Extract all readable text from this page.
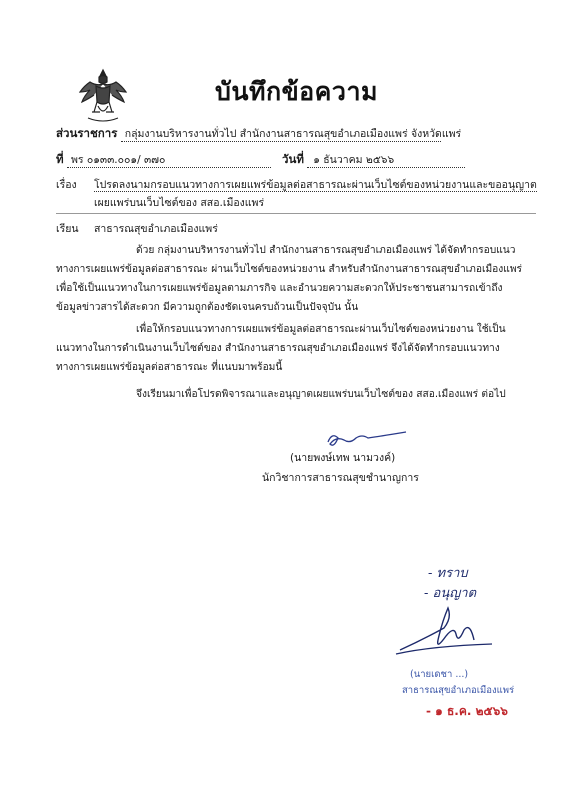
บันทึกข้อความ
ส่วนราชการ กลุ่มงานบริหารงานทั่วไป สำนักงานสาธารณสุขอำเภอเมืองแพร่ จังหวัดแพร่
ที่ พร ๐๑๓๓.๐๐๑/ ๓๗๐	วันที่ ๑ ธันวาคม ๒๕๖๖
เรื่อง โปรดลงนามกรอบแนวทางการเผยแพร่ข้อมูลต่อสาธารณะผ่านเว็บไซต์ของหน่วยงานและขออนุญาต
เผยแพร่บนเว็บไซต์ของ สสอ.เมืองแพร่
เรียน สาธารณสุขอำเภอเมืองแพร่
ด้วย กลุ่มงานบริหารงานทั่วไป สำนักงานสาธารณสุขอำเภอเมืองแพร่ ได้จัดทำกรอบแนว
ทางการเผยแพร่ข้อมูลต่อสาธารณะ ผ่านเว็บไซต์ของหน่วยงาน สำหรับสำนักงานสาธารณสุขอำเภอเมืองแพร่
เพื่อใช้เป็นแนวทางในการเผยแพร่ข้อมูลตามภารกิจ และอำนวยความสะดวกให้ประชาชนสามารถเข้าถึง
ข้อมูลข่าวสารได้สะดวก มีความถูกต้องชัดเจนครบถ้วนเป็นปัจจุบัน นั้น
เพื่อให้กรอบแนวทางการเผยแพร่ข้อมูลต่อสาธารณะผ่านเว็บไซต์ของหน่วยงาน ใช้เป็น
แนวทางในการดำเนินงานเว็บไซต์ของ สำนักงานสาธารณสุขอำเภอเมืองแพร่ จึงได้จัดทำกรอบแนวทาง
ทางการเผยแพร่ข้อมูลต่อสาธารณะ ที่แนบมาพร้อมนี้
จึงเรียนมาเพื่อโปรดพิจารณาและอนุญาตเผยแพร่บนเว็บไซต์ของ สสอ.เมืองแพร่ ต่อไป
(นายพงษ์เทพ นามวงค์)
นักวิชาการสาธารณสุขชำนาญการ
- ทราบ
- อนุญาต
(นายเดชา ...)
สาธารณสุขอำเภอเมืองแพร่
- ๑ ธ.ค. ๒๕๖๖
